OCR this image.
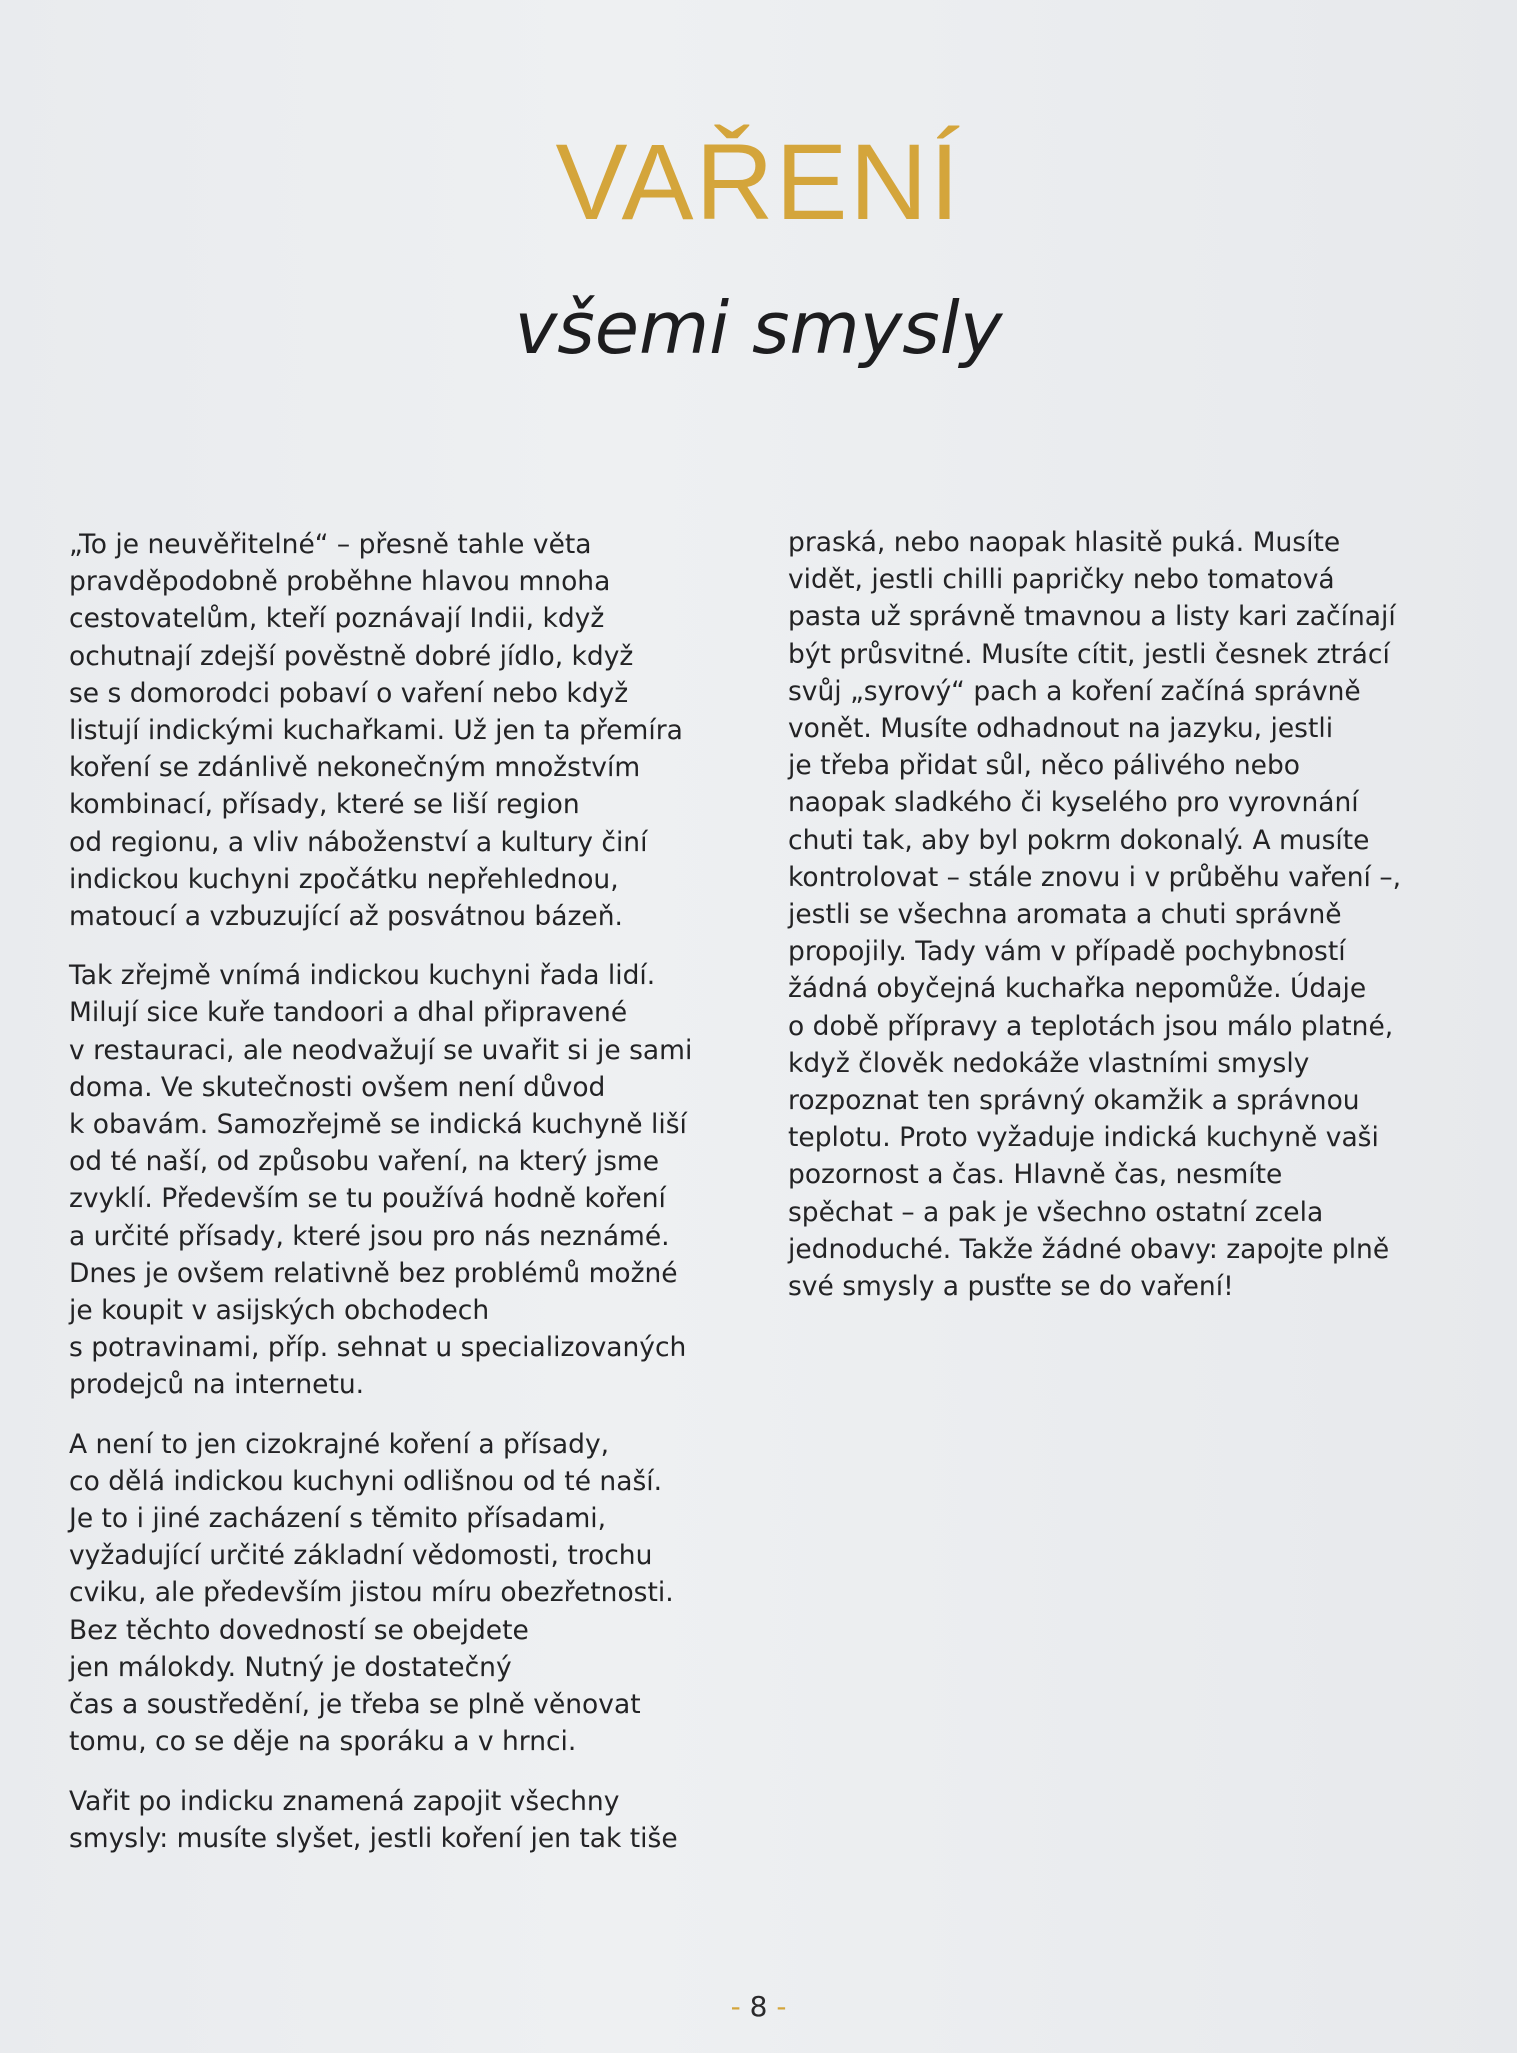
VAŘENÍ
všemi smysly

„To je neuvěřitelné“ – přesně tahle věta
pravděpodobně proběhne hlavou mnoha
cestovatelům, kteří poznávají Indii, když
ochutnají zdejší pověstně dobré jídlo, když
se s domorodci pobaví o vaření nebo když
listují indickými kuchařkami. Už jen ta přemíra
koření se zdánlivě nekonečným množstvím
kombinací, přísady, které se liší region
od regionu, a vliv náboženství a kultury činí
indickou kuchyni zpočátku nepřehlednou,
matoucí a vzbuzující až posvátnou bázeň.

Tak zřejmě vnímá indickou kuchyni řada lidí.
Milují sice kuře tandoori a dhal připravené
v restauraci, ale neodvažují se uvařit si je sami
doma. Ve skutečnosti ovšem není důvod
k obavám. Samozřejmě se indická kuchyně liší
od té naší, od způsobu vaření, na který jsme
zvyklí. Především se tu používá hodně koření
a určité přísady, které jsou pro nás neznámé.
Dnes je ovšem relativně bez problémů možné
je koupit v asijských obchodech
s potravinami, příp. sehnat u specializovaných
prodejců na internetu.

A není to jen cizokrajné koření a přísady,
co dělá indickou kuchyni odlišnou od té naší.
Je to i jiné zacházení s těmito přísadami,
vyžadující určité základní vědomosti, trochu
cviku, ale především jistou míru obezřetnosti.
Bez těchto dovedností se obejdete
jen málokdy. Nutný je dostatečný
čas a soustředění, je třeba se plně věnovat
tomu, co se děje na sporáku a v hrnci.

Vařit po indicku znamená zapojit všechny
smysly: musíte slyšet, jestli koření jen tak tiše

praská, nebo naopak hlasitě puká. Musíte
vidět, jestli chilli papričky nebo tomatová
pasta už správně tmavnou a listy kari začínají
být průsvitné. Musíte cítit, jestli česnek ztrácí
svůj „syrový“ pach a koření začíná správně
vonět. Musíte odhadnout na jazyku, jestli
je třeba přidat sůl, něco pálivého nebo
naopak sladkého či kyselého pro vyrovnání
chuti tak, aby byl pokrm dokonalý. A musíte
kontrolovat – stále znovu i v průběhu vaření –,
jestli se všechna aromata a chuti správně
propojily. Tady vám v případě pochybností
žádná obyčejná kuchařka nepomůže. Údaje
o době přípravy a teplotách jsou málo platné,
když člověk nedokáže vlastními smysly
rozpoznat ten správný okamžik a správnou
teplotu. Proto vyžaduje indická kuchyně vaši
pozornost a čas. Hlavně čas, nesmíte
spěchat – a pak je všechno ostatní zcela
jednoduché. Takže žádné obavy: zapojte plně
své smysly a pusťte se do vaření!

- 8 -
